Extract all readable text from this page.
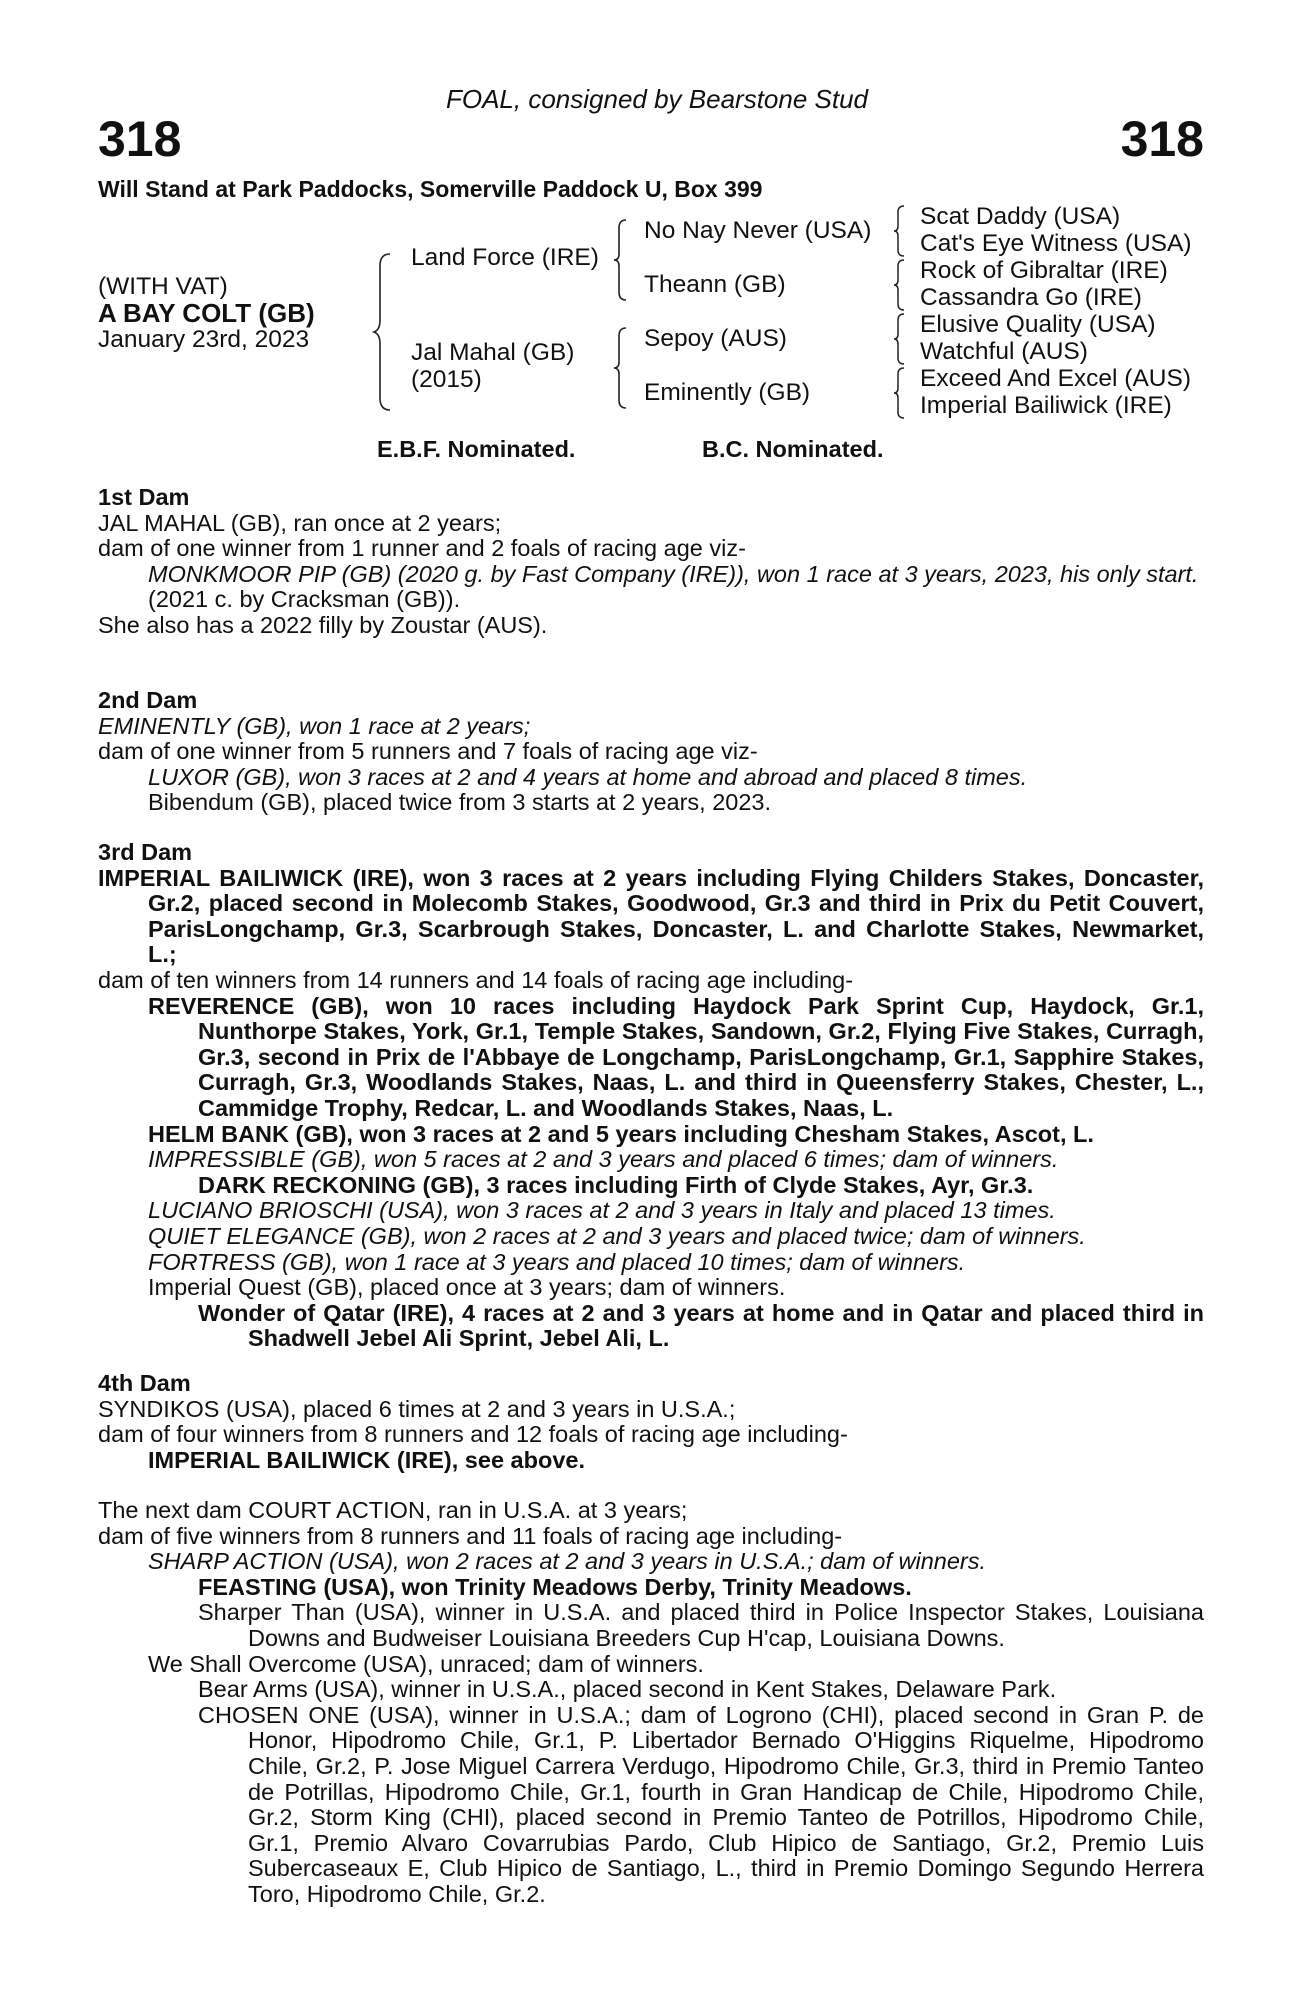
FOAL, consigned by Bearstone Stud
318	318
Will Stand at Park Paddocks, Somerville Paddock U, Box 399
(WITH VAT)
A BAY COLT (GB)
January 23rd, 2023
Land Force (IRE)
Jal Mahal (GB)
(2015)
No Nay Never (USA)
Theann (GB)
Sepoy (AUS)
Eminently (GB)
Scat Daddy (USA)
Cat's Eye Witness (USA)
Rock of Gibraltar (IRE)
Cassandra Go (IRE)
Elusive Quality (USA)
Watchful (AUS)
Exceed And Excel (AUS)
Imperial Bailiwick (IRE)
E.B.F. Nominated.	B.C. Nominated.

1st Dam

JAL MAHAL (GB), ran once at 2 years;

dam of one winner from 1 runner and 2 foals of racing age viz-

MONKMOOR PIP (GB) (2020 g. by Fast Company (IRE)), won 1 race at 3 years, 2023, his only start.

(2021 c. by Cracksman (GB)).

She also has a 2022 filly by Zoustar (AUS).

2nd Dam

EMINENTLY (GB), won 1 race at 2 years;

dam of one winner from 5 runners and 7 foals of racing age viz-

LUXOR (GB), won 3 races at 2 and 4 years at home and abroad and placed 8 times.

Bibendum (GB), placed twice from 3 starts at 2 years, 2023.

3rd Dam

IMPERIAL BAILIWICK (IRE), won 3 races at 2 years including Flying Childers Stakes, Doncaster, Gr.2, placed second in Molecomb Stakes, Goodwood, Gr.3 and third in Prix du Petit Couvert, ParisLongchamp, Gr.3, Scarbrough Stakes, Doncaster, L. and Charlotte Stakes, Newmarket, L.;

dam of ten winners from 14 runners and 14 foals of racing age including-

REVERENCE (GB), won 10 races including Haydock Park Sprint Cup, Haydock, Gr.1, Nunthorpe Stakes, York, Gr.1, Temple Stakes, Sandown, Gr.2, Flying Five Stakes, Curragh, Gr.3, second in Prix de l'Abbaye de Longchamp, ParisLongchamp, Gr.1, Sapphire Stakes, Curragh, Gr.3, Woodlands Stakes, Naas, L. and third in Queensferry Stakes, Chester, L., Cammidge Trophy, Redcar, L. and Woodlands Stakes, Naas, L.

HELM BANK (GB), won 3 races at 2 and 5 years including Chesham Stakes, Ascot, L.

IMPRESSIBLE (GB), won 5 races at 2 and 3 years and placed 6 times; dam of winners.

DARK RECKONING (GB), 3 races including Firth of Clyde Stakes, Ayr, Gr.3.

LUCIANO BRIOSCHI (USA), won 3 races at 2 and 3 years in Italy and placed 13 times.

QUIET ELEGANCE (GB), won 2 races at 2 and 3 years and placed twice; dam of winners.

FORTRESS (GB), won 1 race at 3 years and placed 10 times; dam of winners.

Imperial Quest (GB), placed once at 3 years; dam of winners.

Wonder of Qatar (IRE), 4 races at 2 and 3 years at home and in Qatar and placed third in Shadwell Jebel Ali Sprint, Jebel Ali, L.

4th Dam

SYNDIKOS (USA), placed 6 times at 2 and 3 years in U.S.A.;

dam of four winners from 8 runners and 12 foals of racing age including-

IMPERIAL BAILIWICK (IRE), see above.

The next dam COURT ACTION, ran in U.S.A. at 3 years;

dam of five winners from 8 runners and 11 foals of racing age including-

SHARP ACTION (USA), won 2 races at 2 and 3 years in U.S.A.; dam of winners.

FEASTING (USA), won Trinity Meadows Derby, Trinity Meadows.

Sharper Than (USA), winner in U.S.A. and placed third in Police Inspector Stakes, Louisiana Downs and Budweiser Louisiana Breeders Cup H'cap, Louisiana Downs.

We Shall Overcome (USA), unraced; dam of winners.

Bear Arms (USA), winner in U.S.A., placed second in Kent Stakes, Delaware Park.

CHOSEN ONE (USA), winner in U.S.A.; dam of Logrono (CHI), placed second in Gran P. de Honor, Hipodromo Chile, Gr.1, P. Libertador Bernado O'Higgins Riquelme, Hipodromo Chile, Gr.2, P. Jose Miguel Carrera Verdugo, Hipodromo Chile, Gr.3, third in Premio Tanteo de Potrillas, Hipodromo Chile, Gr.1, fourth in Gran Handicap de Chile, Hipodromo Chile, Gr.2, Storm King (CHI), placed second in Premio Tanteo de Potrillos, Hipodromo Chile, Gr.1, Premio Alvaro Covarrubias Pardo, Club Hipico de Santiago, Gr.2, Premio Luis Subercaseaux E, Club Hipico de Santiago, L., third in Premio Domingo Segundo Herrera Toro, Hipodromo Chile, Gr.2.
